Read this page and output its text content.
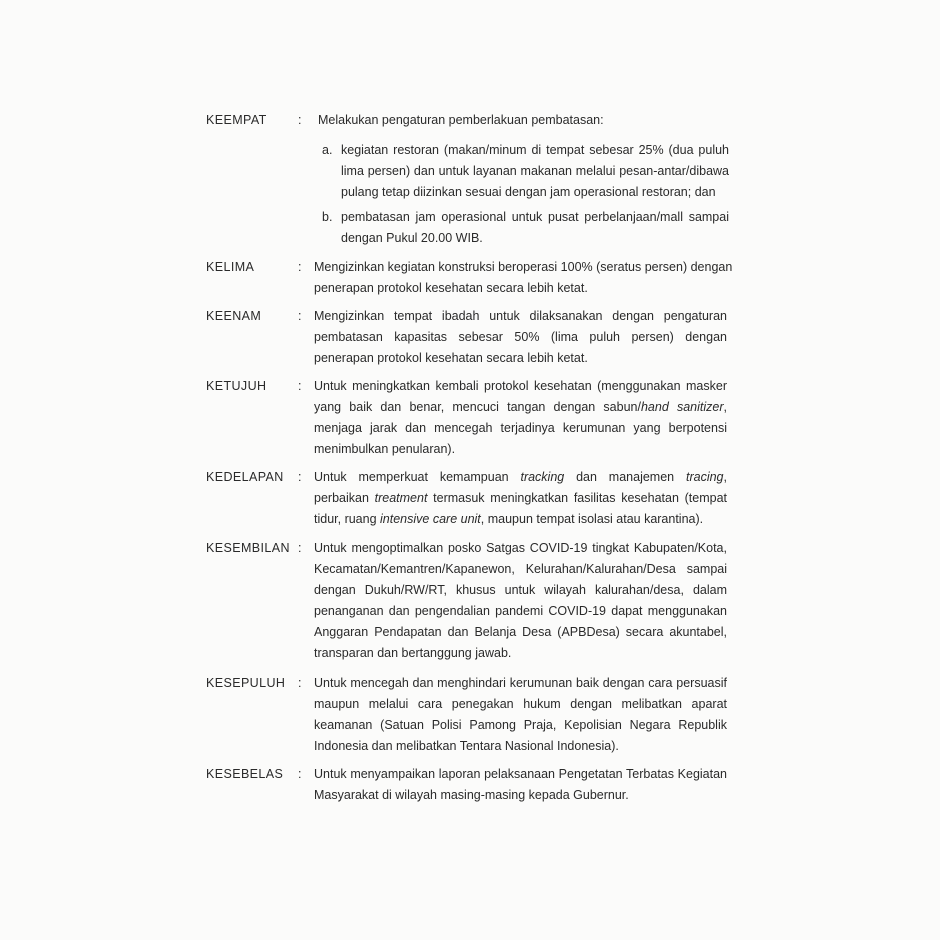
KEEMPAT	: Melakukan pengaturan pemberlakuan pembatasan:
a. kegiatan restoran (makan/minum di tempat sebesar 25% (dua puluh
lima persen) dan untuk layanan makanan melalui pesan-antar/dibawa
pulang tetap diizinkan sesuai dengan jam operasional restoran; dan
b. pembatasan jam operasional untuk pusat perbelanjaan/mall sampai
dengan Pukul 20.00 WIB.
KELIMA	: Mengizinkan kegiatan konstruksi beroperasi 100% (seratus persen) dengan
penerapan protokol kesehatan secara lebih ketat.
KEENAM	: Mengizinkan tempat ibadah untuk dilaksanakan dengan pengaturan
pembatasan kapasitas sebesar 50% (lima puluh persen) dengan
penerapan protokol kesehatan secara lebih ketat.
KETUJUH	: Untuk meningkatkan kembali protokol kesehatan (menggunakan masker
yang baik dan benar, mencuci tangan dengan sabun/hand sanitizer,
menjaga jarak dan mencegah terjadinya kerumunan yang berpotensi
menimbulkan penularan).
KEDELAPAN : Untuk memperkuat kemampuan tracking dan manajemen tracing,
perbaikan treatment termasuk meningkatkan fasilitas kesehatan (tempat
tidur, ruang intensive care unit, maupun tempat isolasi atau karantina).
KESEMBILAN : Untuk mengoptimalkan posko Satgas COVID-19 tingkat Kabupaten/Kota,
Kecamatan/Kemantren/Kapanewon, Kelurahan/Kalurahan/Desa sampai
dengan Dukuh/RW/RT, khusus untuk wilayah kalurahan/desa, dalam
penanganan dan pengendalian pandemi COVID-19 dapat menggunakan
Anggaran Pendapatan dan Belanja Desa (APBDesa) secara akuntabel,
transparan dan bertanggung jawab.
KESEPULUH : Untuk mencegah dan menghindari kerumunan baik dengan cara persuasif
maupun melalui cara penegakan hukum dengan melibatkan aparat
keamanan (Satuan Polisi Pamong Praja, Kepolisian Negara Republik
Indonesia dan melibatkan Tentara Nasional Indonesia).
KESEBELAS : Untuk menyampaikan laporan pelaksanaan Pengetatan Terbatas Kegiatan
Masyarakat di wilayah masing-masing kepada Gubernur.
